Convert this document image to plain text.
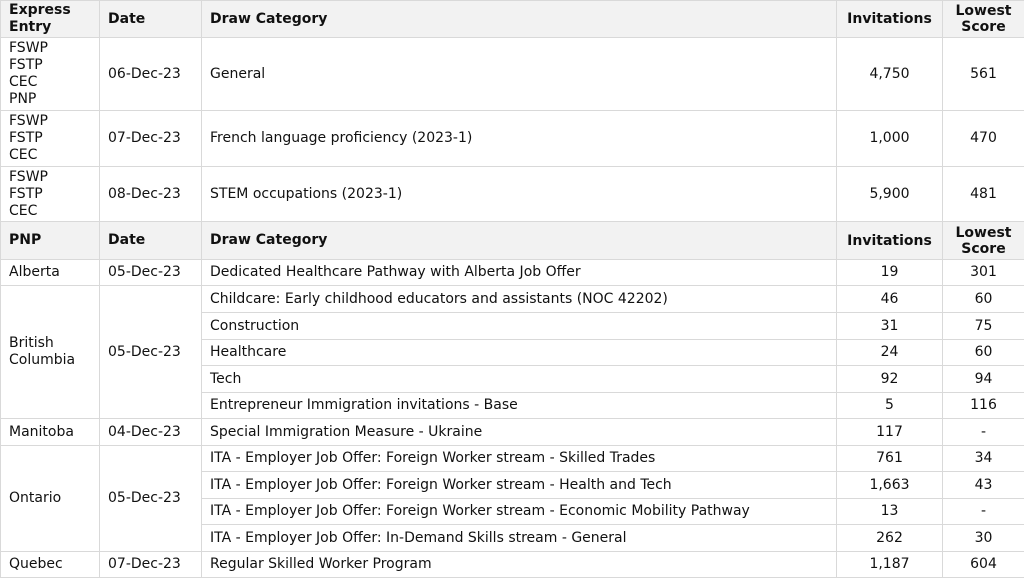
Express
Entry	Date	Draw Category	Invitations	Lowest
Score
FSWP
FSTP
CEC
PNP	06-Dec-23	General	4,750	561
FSWP
FSTP
CEC	07-Dec-23	French language proficiency (2023-1)	1,000	470
FSWP
FSTP
CEC	08-Dec-23	STEM occupations (2023-1)	5,900	481
PNP	Date	Draw Category	Invitations	Lowest
Score
Alberta	05-Dec-23	Dedicated Healthcare Pathway with Alberta Job Offer	19	301
British
Columbia	05-Dec-23	Childcare: Early childhood educators and assistants (NOC 42202)	46	60
		Construction	31	75
		Healthcare	24	60
		Tech	92	94
		Entrepreneur Immigration invitations - Base	5	116
Manitoba	04-Dec-23	Special Immigration Measure - Ukraine	117	-
Ontario	05-Dec-23	ITA - Employer Job Offer: Foreign Worker stream - Skilled Trades	761	34
		ITA - Employer Job Offer: Foreign Worker stream - Health and Tech	1,663	43
		ITA - Employer Job Offer: Foreign Worker stream - Economic Mobility Pathway	13	-
		ITA - Employer Job Offer: In-Demand Skills stream - General	262	30
Quebec	07-Dec-23	Regular Skilled Worker Program	1,187	604
